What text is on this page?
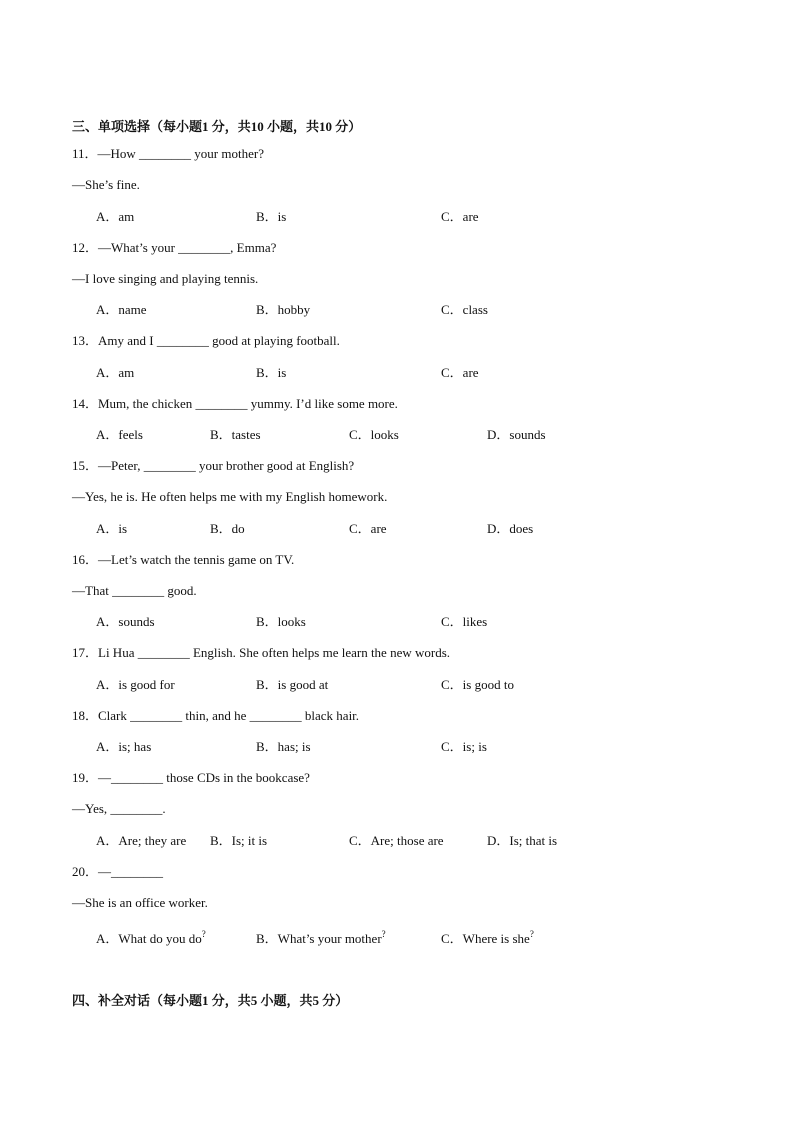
三、单项选择（每小题1 分，共10 小题，共10 分）
11．—How ________ your mother?
—She’s fine.
A．am	B．is	C．are
12．—What’s your ________, Emma?
—I love singing and playing tennis.
A．name	B．hobby	C．class
13．Amy and I ________ good at playing football.
A．am	B．is	C．are
14．Mum, the chicken ________ yummy. I’d like some more.
A．feels	B．tastes	C．looks	D．sounds
15．—Peter, ________ your brother good at English?
—Yes, he is. He often helps me with my English homework.
A．is	B．do	C．are	D．does
16．—Let’s watch the tennis game on TV.
—That ________ good.
A．sounds	B．looks	C．likes
17．Li Hua ________ English. She often helps me learn the new words.
A．is good for	B．is good at	C．is good to
18．Clark ________ thin, and he ________ black hair.
A．is; has	B．has; is	C．is; is
19．—________ those CDs in the bookcase?
—Yes, ________.
A．Are; they are B．Is; it is	C．Are; those are	D．Is; that is
20．—________
—She is an office worker.
A．What do you do?	B．What’s your mother?	C．Where is she?
四、补全对话（每小题1 分，共5 小题，共5 分）
